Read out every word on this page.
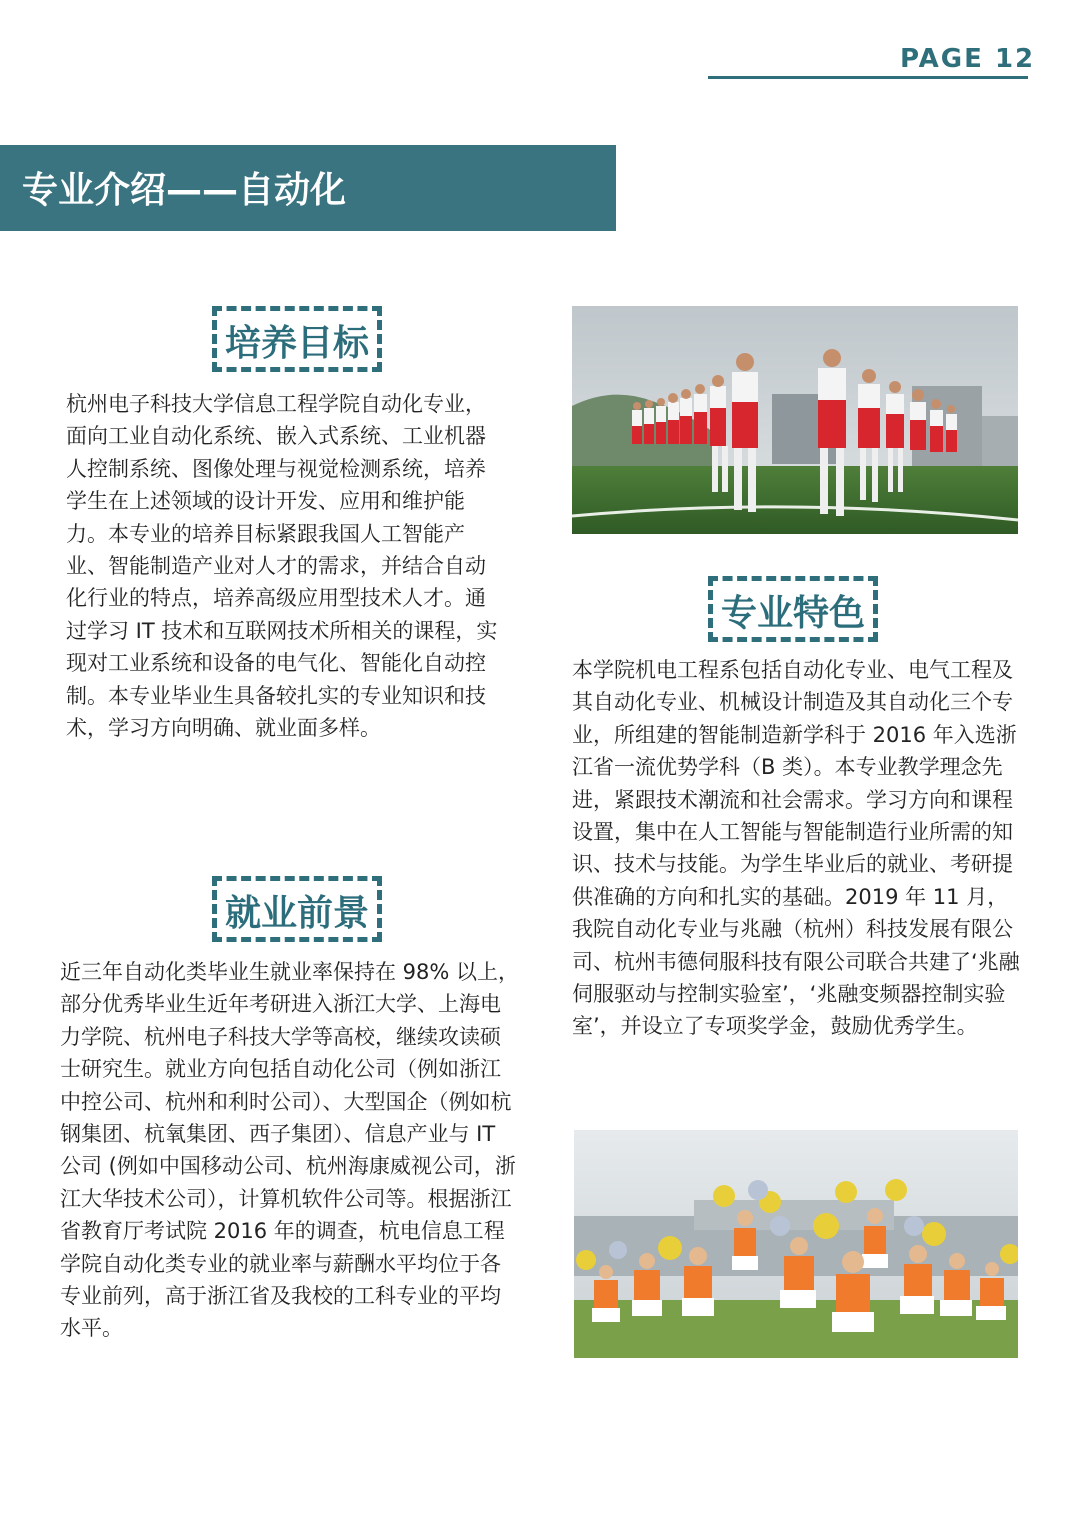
PAGE 12
专业介绍——自动化
培养目标

杭州电子科技大学信息工程学院自动化专业，面向工业自动化系统、嵌入式系统、工业机器人控制系统、图像处理与视觉检测系统，培养学生在上述领域的设计开发、应用和维护能力。本专业的培养目标紧跟我国人工智能产业、智能制造产业对人才的需求，并结合自动化行业的特点，培养高级应用型技术人才。通过学习 IT 技术和互联网技术所相关的课程，实现对工业系统和设备的电气化、智能化自动控制。本专业毕业生具备较扎实的专业知识和技术，学习方向明确、就业面多样。

就业前景

近三年自动化类毕业生就业率保持在 98% 以上，部分优秀毕业生近年考研进入浙江大学、上海电力学院、杭州电子科技大学等高校，继续攻读硕士研究生。就业方向包括自动化公司（例如浙江中控公司、杭州和利时公司）、大型国企（例如杭钢集团、杭氧集团、西子集团）、信息产业与 IT 公司 (例如中国移动公司、杭州海康威视公司，浙江大华技术公司），计算机软件公司等。根据浙江省教育厅考试院 2016 年的调查，杭电信息工程学院自动化类专业的就业率与薪酬水平均位于各专业前列，高于浙江省及我校的工科专业的平均水平。

专业特色

本学院机电工程系包括自动化专业、电气工程及其自动化专业、机械设计制造及其自动化三个专业，所组建的智能制造新学科于 2016 年入选浙江省一流优势学科（B 类）。本专业教学理念先进，紧跟技术潮流和社会需求。学习方向和课程设置，集中在人工智能与智能制造行业所需的知识、技术与技能。为学生毕业后的就业、考研提供准确的方向和扎实的基础。2019 年 11 月，我院自动化专业与兆融（杭州）科技发展有限公司、杭州韦德伺服科技有限公司联合共建了‘兆融伺服驱动与控制实验室’，‘兆融变频器控制实验室’，并设立了专项奖学金，鼓励优秀学生。
